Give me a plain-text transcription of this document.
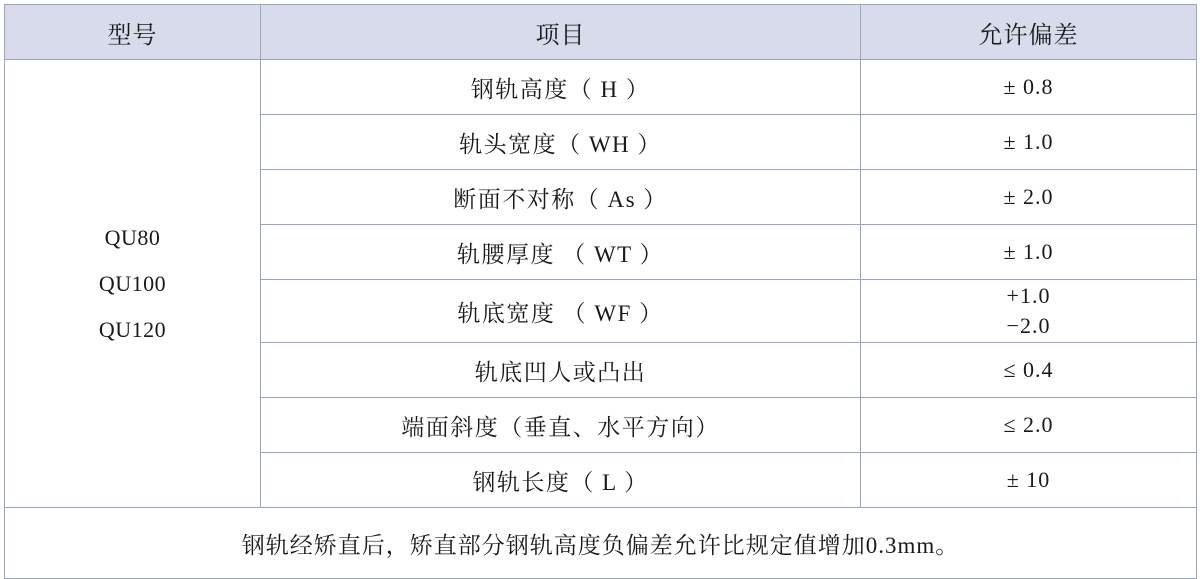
型号	项目	允许偏差

QU80
QU100
QU120	钢轨高度（ H ）	± 0.8
	轨头宽度（ WH ）	± 1.0
	断面不对称（ As ）	± 2.0
	轨腰厚度 （ WT ）	± 1.0
	轨底宽度 （ WF ）	+1.0
−2.0

	轨底凹人或凸出	≤ 0.4
	端面斜度（垂直、水平方向）	≤ 2.0
	钢轨长度（ L ）	± 10
钢轨经矫直后，矫直部分钢轨高度负偏差允许比规定值增加0.3mm。		
